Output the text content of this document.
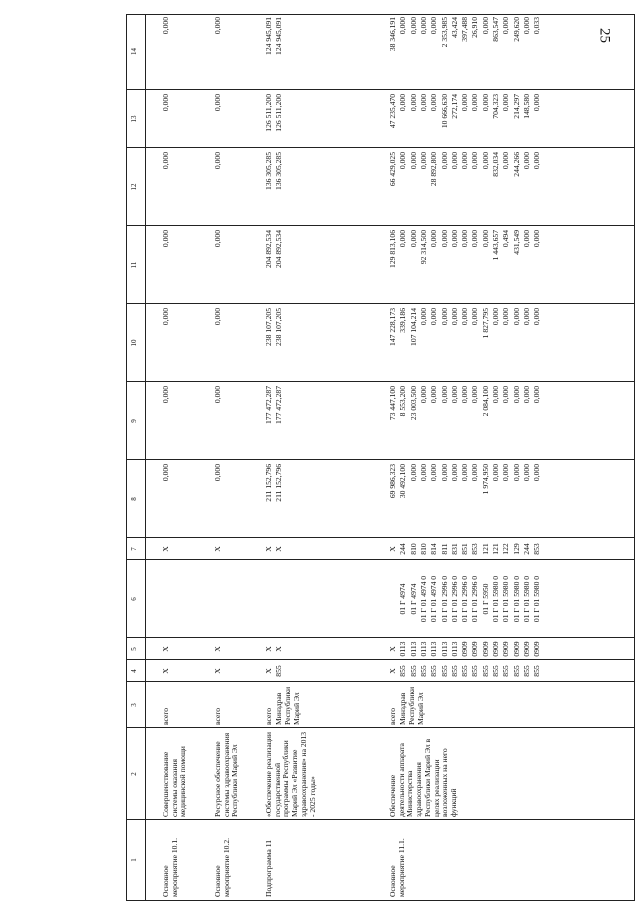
25
1
2
3
4
5
6
7
8
9
10
11
12
13
14
Основное мероприятие 10.1.
Совершенствование системы оказания медицинской помощи
всего
X
X
X
0,000
0,000
0,000
0,000
0,000
0,000
0,000
Основное мероприятие 10.2.
Ресурсное обеспечение системы здравоохранения Республики Марий Эл
всего
X
X
X
0,000
0,000
0,000
0,000
0,000
0,000
0,000
Подпрограмма 11
«Обеспечение реализации государственной программы Республики Марий Эл «Развитие здравоохранения» на 2013 - 2025 годы»
всего
X
X
X
211 152,796
177 472,287
238 107,205
204 892,534
136 305,285
126 511,200
124 945,091
Минздрав Республики Марий Эл
855
X
X
211 152,796
177 472,287
238 107,205
204 892,534
136 305,285
126 511,200
124 945,091
Основное мероприятие 11.1.
Обеспечение деятельности аппарата Министерства здравоохранения Республики Марий Эл в целях реализации возложенных на него функций
всего
X
X
X
69 986,323
73 447,100
147 228,173
129 813,106
66 429,025
47 235,470
38 346,191
Минздрав Республики Марий Эл
855
0113
01 Г 4974
244
30 492,100
8 553,200
339,186
0,000
0,000
0,000
0,000
855
0113
01 Г 4974
810
0,000
23 003,500
107 104,214
0,000
0,000
0,000
0,000
855
0113
01 Г 01 4974 0
810
0,000
0,000
0,000
92 314,500
0,000
0,000
0,000
855
0113
01 Г 01 4974 0
814
0,000
0,000
0,000
0,000
28 892,800
0,000
0,000
855
0113
01 Г 01 2996 0
811
0,000
0,000
0,000
0,000
0,000
10 666,630
2 353,985
855
0113
01 Г 01 2996 0
831
0,000
0,000
0,000
0,000
0,000
272,174
43,424
855
0909
01 Г 01 2996 0
851
0,000
0,000
0,000
0,000
0,000
0,000
397,488
855
0909
01 Г 01 2996 0
853
0,000
0,000
0,000
0,000
0,000
0,000
26,910
855
0909
01 Г 5950
121
1 974,950
2 084,100
1 827,795
0,000
0,000
0,000
0,000
855
0909
01 Г 01 5980 0
121
0,000
0,000
0,000
1 443,657
832,034
704,323
863,547
855
0909
01 Г 01 5980 0
122
0,000
0,000
0,000
0,494
0,000
0,000
0,000
855
0909
01 Г 01 5980 0
129
0,000
0,000
0,000
431,549
244,266
214,297
249,620
855
0909
01 Г 01 5980 0
244
0,000
0,000
0,000
0,000
0,000
148,580
0,000
855
0909
01 Г 01 5980 0
853
0,000
0,000
0,000
0,000
0,000
0,000
0,033
